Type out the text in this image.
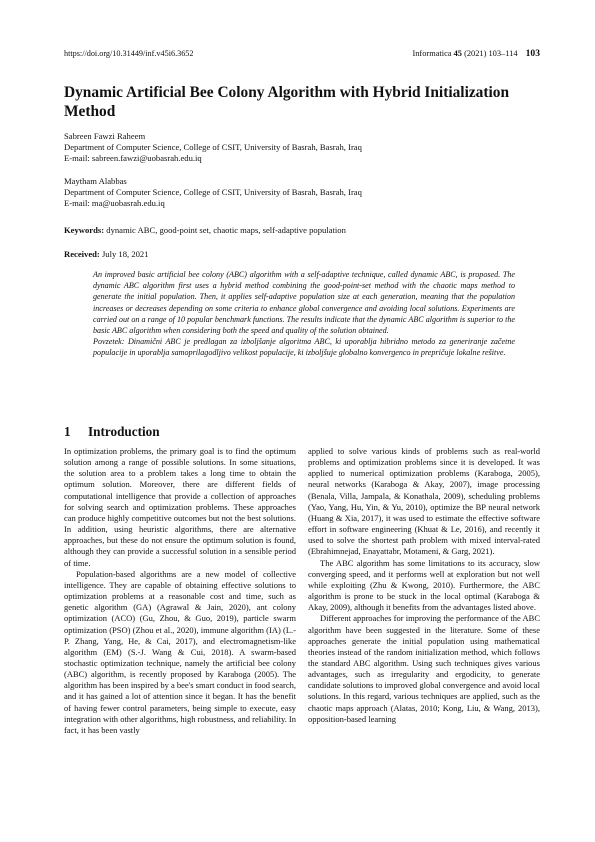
https://doi.org/10.31449/inf.v45i6.3652	Informatica 45 (2021) 103–114 103
Dynamic Artificial Bee Colony Algorithm with Hybrid Initialization Method
Sabreen Fawzi Raheem
Department of Computer Science, College of CSIT, University of Basrah, Basrah, Iraq
E-mail: sabreen.fawzi@uobasrah.edu.iq
Maytham Alabbas
Department of Computer Science, College of CSIT, University of Basrah, Basrah, Iraq
E-mail: ma@uobasrah.edu.iq
Keywords: dynamic ABC, good-point set, chaotic maps, self-adaptive population
Received: July 18, 2021

An improved basic artificial bee colony (ABC) algorithm with a self-adaptive technique, called dynamic ABC, is proposed. The dynamic ABC algorithm first uses a hybrid method combining the good-point-set method with the chaotic maps method to generate the initial population. Then, it applies self-adaptive population size at each generation, meaning that the population increases or decreases depending on some criteria to enhance global convergence and avoiding local solutions. Experiments are carried out on a range of 10 popular benchmark functions. The results indicate that the dynamic ABC algorithm is superior to the basic ABC algorithm when considering both the speed and quality of the solution obtained.

Povzetek: Dinamični ABC je predlagan za izboljšanje algoritma ABC, ki uporablja hibridno metodo za generiranje začetne populacije in uporablja samoprilagodljivo velikost populacije, ki izboljšuje globalno konvergenco in prepričuje lokalne rešitve.

1 Introduction

In optimization problems, the primary goal is to find the optimum solution among a range of possible solutions. In some situations, the solution area to a problem takes a long time to obtain the optimum solution. Moreover, there are different fields of computational intelligence that provide a collection of approaches for solving search and optimization problems. These approaches can produce highly competitive outcomes but not the best solutions. In addition, using heuristic algorithms, there are alternative approaches, but these do not ensure the optimum solution is found, although they can provide a successful solution in a sensible period of time.

Population-based algorithms are a new model of collective intelligence. They are capable of obtaining effective solutions to optimization problems at a reasonable cost and time, such as genetic algorithm (GA) (Agrawal & Jain, 2020), ant colony optimization (ACO) (Gu, Zhou, & Guo, 2019), particle swarm optimization (PSO) (Zhou et al., 2020), immune algorithm (IA) (L.-P. Zhang, Yang, He, & Cai, 2017), and electromagnetism-like algorithm (EM) (S.-J. Wang & Cui, 2018). A swarm-based stochastic optimization technique, namely the artificial bee colony (ABC) algorithm, is recently proposed by Karaboga (2005). The algorithm has been inspired by a bee's smart conduct in food search, and it has gained a lot of attention since it began. It has the benefit of having fewer control parameters, being simple to execute, easy integration with other algorithms, high robustness, and reliability. In fact, it has been vastly

applied to solve various kinds of problems such as real-world problems and optimization problems since it is developed. It was applied to numerical optimization problems (Karaboga, 2005), neural networks (Karaboga & Akay, 2007), image processing (Benala, Villa, Jampala, & Konathala, 2009), scheduling problems (Yao, Yang, Hu, Yin, & Yu, 2010), optimize the BP neural network (Huang & Xia, 2017), it was used to estimate the effective software effort in software engineering (Khuat & Le, 2016), and recently it used to solve the shortest path problem with mixed interval-rated (Ebrahimnejad, Enayattabr, Motameni, & Garg, 2021).

The ABC algorithm has some limitations to its accuracy, slow converging speed, and it performs well at exploration but not well while exploiting (Zhu & Kwong, 2010). Furthermore, the ABC algorithm is prone to be stuck in the local optimal (Karaboga & Akay, 2009), although it benefits from the advantages listed above.

Different approaches for improving the performance of the ABC algorithm have been suggested in the literature. Some of these approaches generate the initial population using mathematical theories instead of the random initialization method, which follows the standard ABC algorithm. Using such techniques gives various advantages, such as irregularity and ergodicity, to generate candidate solutions to improved global convergence and avoid local solutions. In this regard, various techniques are applied, such as the chaotic maps approach (Alatas, 2010; Kong, Liu, & Wang, 2013), opposition-based learning
